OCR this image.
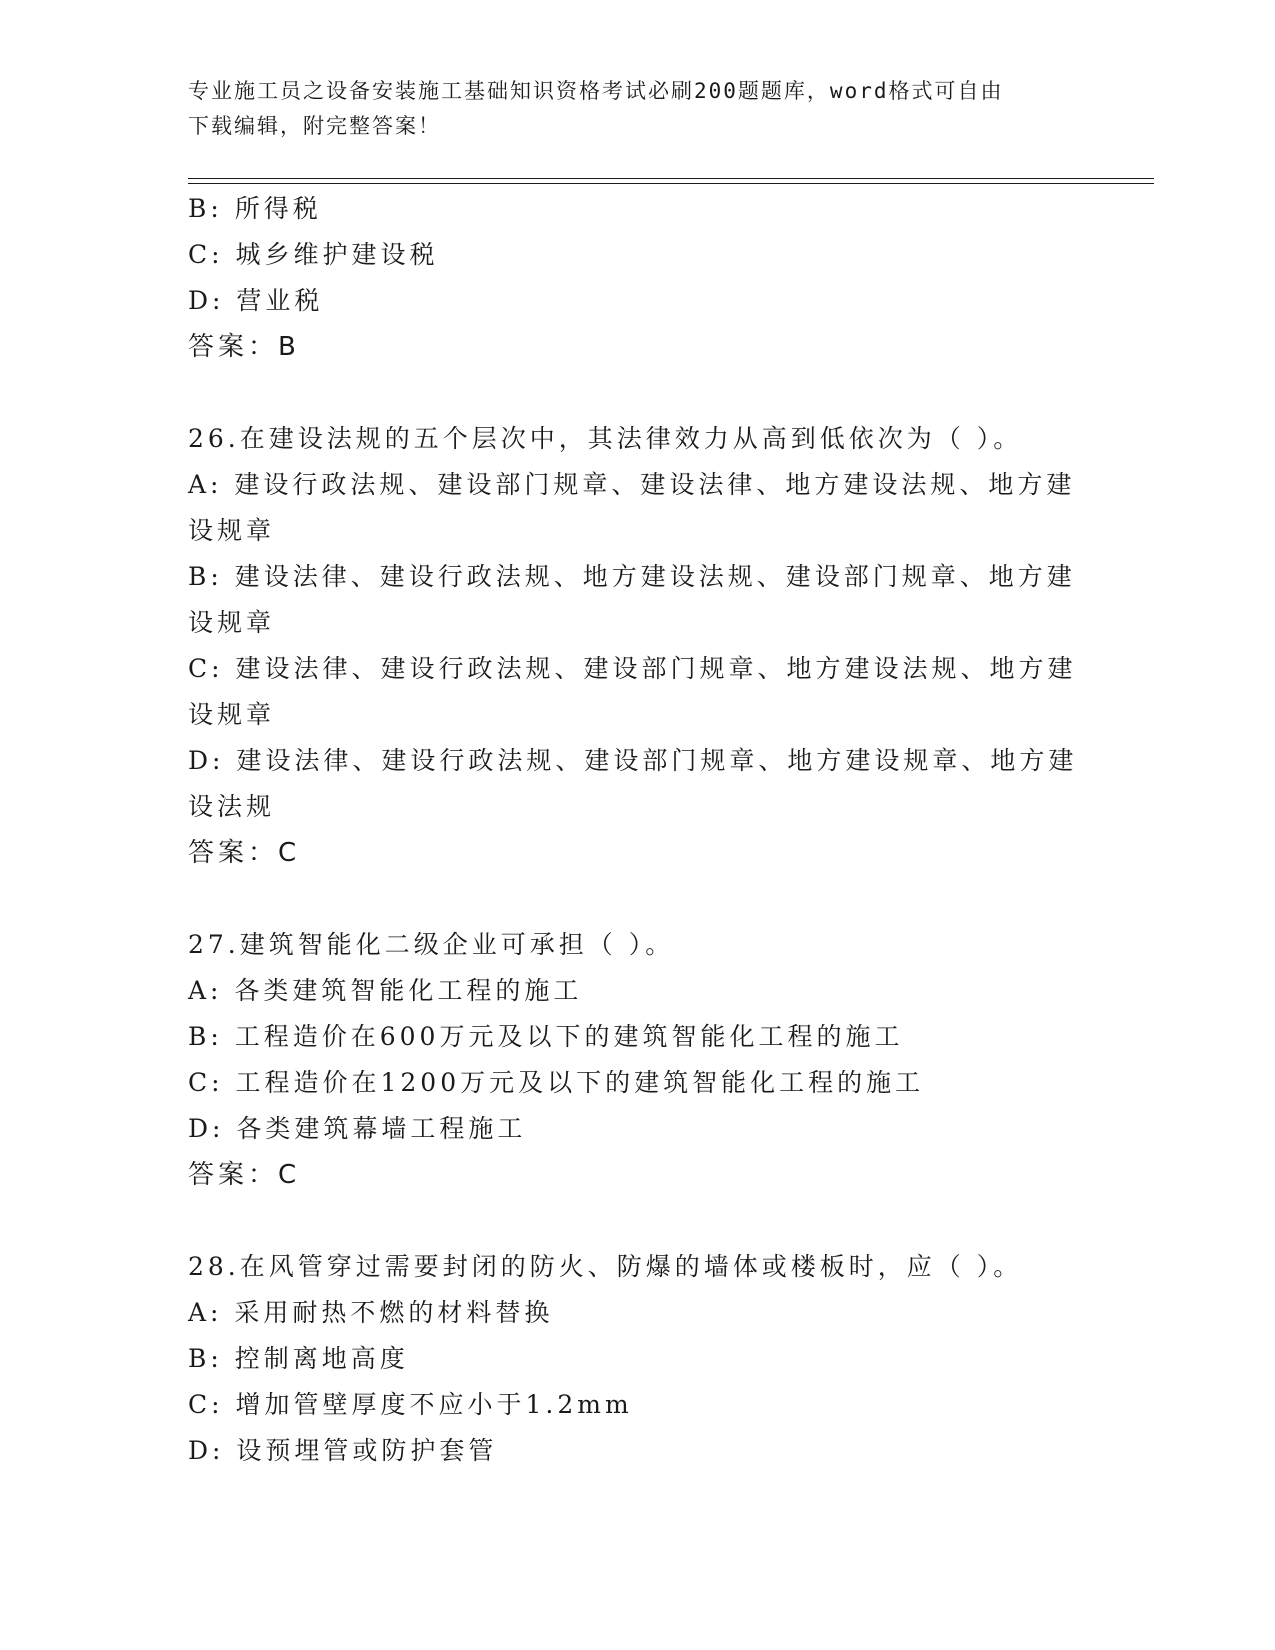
专业施工员之设备安装施工基础知识资格考试必刷200题题库，word格式可自由
下载编辑，附完整答案！
B: 所得税
C: 城乡维护建设税
D: 营业税
答案：B
26.在建设法规的五个层次中，其法律效力从高到低依次为（ ）。
A: 建设行政法规、建设部门规章、建设法律、地方建设法规、地方建
设规章
B: 建设法律、建设行政法规、地方建设法规、建设部门规章、地方建
设规章
C: 建设法律、建设行政法规、建设部门规章、地方建设法规、地方建
设规章
D: 建设法律、建设行政法规、建设部门规章、地方建设规章、地方建
设法规
答案：C
27.建筑智能化二级企业可承担（ ）。
A: 各类建筑智能化工程的施工
B: 工程造价在600万元及以下的建筑智能化工程的施工
C: 工程造价在1200万元及以下的建筑智能化工程的施工
D: 各类建筑幕墙工程施工
答案：C
28.在风管穿过需要封闭的防火、防爆的墙体或楼板时，应（ ）。
A: 采用耐热不燃的材料替换
B: 控制离地高度
C: 增加管壁厚度不应小于1.2mm
D: 设预埋管或防护套管
